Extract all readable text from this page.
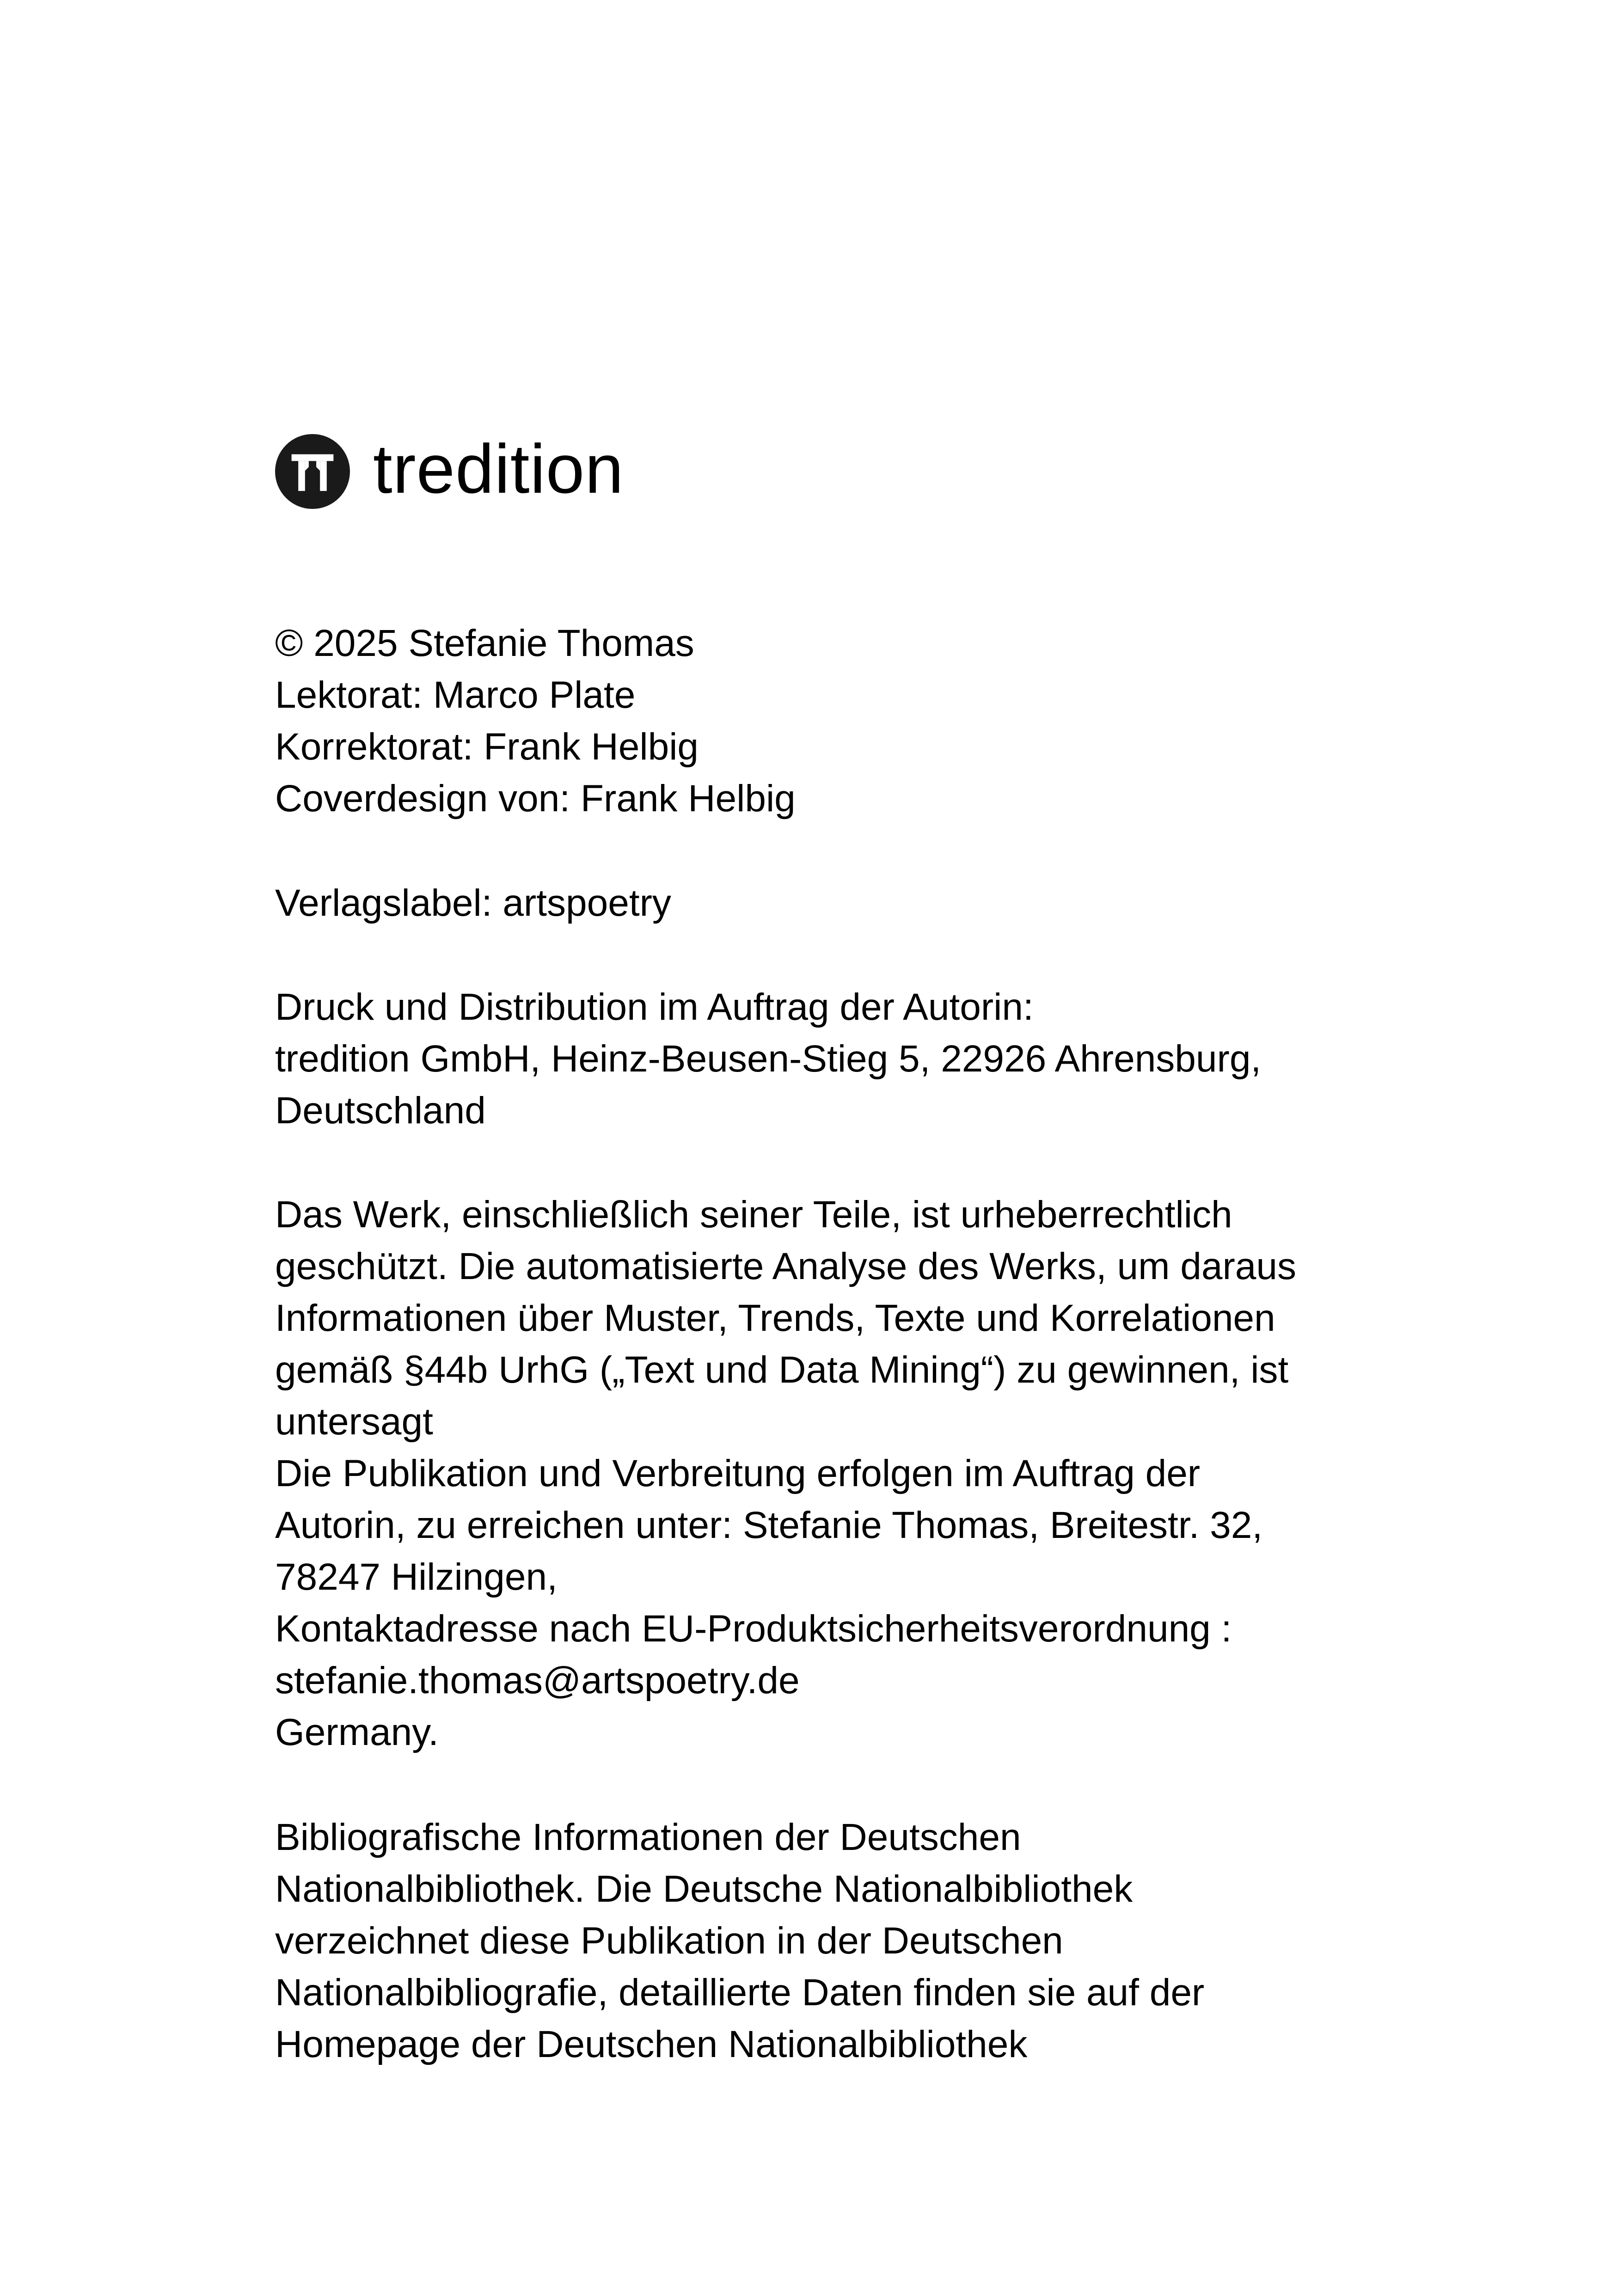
tredition
© 2025 Stefanie Thomas
Lektorat: Marco Plate
Korrektorat: Frank Helbig
Coverdesign von: Frank Helbig
Verlagslabel: artspoetry
Druck und Distribution im Auftrag der Autorin:
tredition GmbH, Heinz-Beusen-Stieg 5, 22926 Ahrensburg,
Deutschland
Das Werk, einschließlich seiner Teile, ist urheberrechtlich
geschützt. Die automatisierte Analyse des Werks, um daraus
Informationen über Muster, Trends, Texte und Korrelationen
gemäß §44b UrhG („Text und Data Mining“) zu gewinnen, ist
untersagt
Die Publikation und Verbreitung erfolgen im Auftrag der
Autorin, zu erreichen unter: Stefanie Thomas, Breitestr. 32,
78247 Hilzingen,
Kontaktadresse nach EU-Produktsicherheitsverordnung :
stefanie.thomas@artspoetry.de
Germany.
Bibliografische Informationen der Deutschen
Nationalbibliothek. Die Deutsche Nationalbibliothek
verzeichnet diese Publikation in der Deutschen
Nationalbibliografie, detaillierte Daten finden sie auf der
Homepage der Deutschen Nationalbibliothek
